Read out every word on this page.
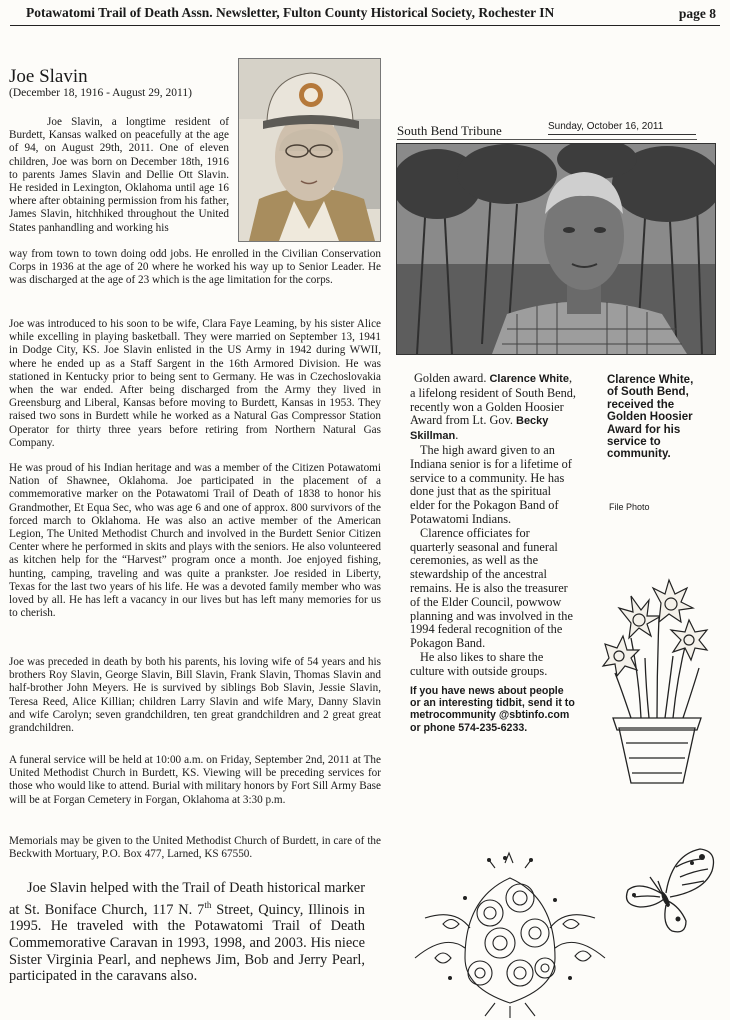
Potawatomi Trail of Death Assn. Newsletter, Fulton County Historical Society, Rochester IN	page 8
Joe Slavin
(December 18, 1916 - August 29, 2011)

Joe Slavin, a longtime resident of Burdett, Kansas walked on peacefully at the age of 94, on August 29th, 2011. One of eleven children, Joe was born on December 18th, 1916 to parents James Slavin and Dellie Ott Slavin. He resided in Lexington, Oklahoma until age 16 where after obtaining permission from his father, James Slavin, hitchhiked throughout the United States panhandling and working his

way from town to town doing odd jobs. He enrolled in the Civilian Conservation Corps in 1936 at the age of 20 where he worked his way up to Senior Leader. He was discharged at the age of 23 which is the age limitation for the corps.

Joe was introduced to his soon to be wife, Clara Faye Leaming, by his sister Alice while excelling in playing basketball. They were married on September 13, 1941 in Dodge City, KS. Joe Slavin enlisted in the US Army in 1942 during WWII, where he ended up as a Staff Sargent in the 16th Armored Division. He was stationed in Kentucky prior to being sent to Germany. He was in Czechoslovakia when the war ended. After being discharged from the Army they lived in Greensburg and Liberal, Kansas before moving to Burdett, Kansas in 1953. They raised two sons in Burdett while he worked as a Natural Gas Compressor Station Operator for thirty three years before retiring from Northern Natural Gas Company.

He was proud of his Indian heritage and was a member of the Citizen Potawatomi Nation of Shawnee, Oklahoma. Joe participated in the placement of a commemorative marker on the Potawatomi Trail of Death of 1838 to honor his Grandmother, Et Equa Sec, who was age 6 and one of approx. 800 survivors of the forced march to Oklahoma. He was also an active member of the American Legion, The United Methodist Church and involved in the Burdett Senior Citizen Center where he performed in skits and plays with the seniors. He also volunteered as kitchen help for the “Harvest” program once a month. Joe enjoyed fishing, hunting, camping, traveling and was quite a prankster. Joe resided in Liberty, Texas for the last two years of his life. He was a devoted family member who was loved by all. He has left a vacancy in our lives but has left many memories for us to cherish.

Joe was preceded in death by both his parents, his loving wife of 54 years and his brothers Roy Slavin, George Slavin, Bill Slavin, Frank Slavin, Thomas Slavin and half-brother John Meyers. He is survived by siblings Bob Slavin, Jessie Slavin, Teresa Reed, Alice Killian; children Larry Slavin and wife Mary, Danny Slavin and wife Carolyn; seven grandchildren, ten great grandchildren and 2 great great grandchildren.

A funeral service will be held at 10:00 a.m. on Friday, September 2nd, 2011 at The United Methodist Church in Burdett, KS. Viewing will be preceding services for those who would like to attend. Burial with military honors by Fort Sill Army Base will be at Forgan Cemetery in Forgan, Oklahoma at 3:30 p.m.

Memorials may be given to the United Methodist Church of Burdett, in care of the Beckwith Mortuary, P.O. Box 477, Larned, KS 67550.

Joe Slavin helped with the Trail of Death historical marker at St. Boniface Church, 117 N. 7th Street, Quincy, Illinois in 1995. He traveled with the Potawatomi Trail of Death Commemorative Caravan in 1993, 1998, and 2003. His niece Sister Virginia Pearl, and nephews Jim, Bob and Jerry Pearl, participated in the caravans also.

South Bend Tribune	Sunday, October 16, 2011

Golden award. Clarence White, a lifelong resident of South Bend, recently won a Golden Hoosier Award from Lt. Gov. Becky Skillman.

The high award given to an Indiana senior is for a lifetime of service to a community. He has done just that as the spiritual elder for the Pokagon Band of Potawatomi Indians.

Clarence officiates for quarterly seasonal and funeral ceremonies, as well as the stewardship of the ancestral remains. He is also the treasurer of the Elder Council, powwow planning and was involved in the 1994 federal recognition of the Pokagon Band.

He also likes to share the culture with outside groups.

If you have news about people or an interesting tidbit, send it to metrocommunity @sbtinfo.com or phone 574-235-6233.
Clarence White, of South Bend, received the Golden Hoosier Award for his service to community.
File Photo
